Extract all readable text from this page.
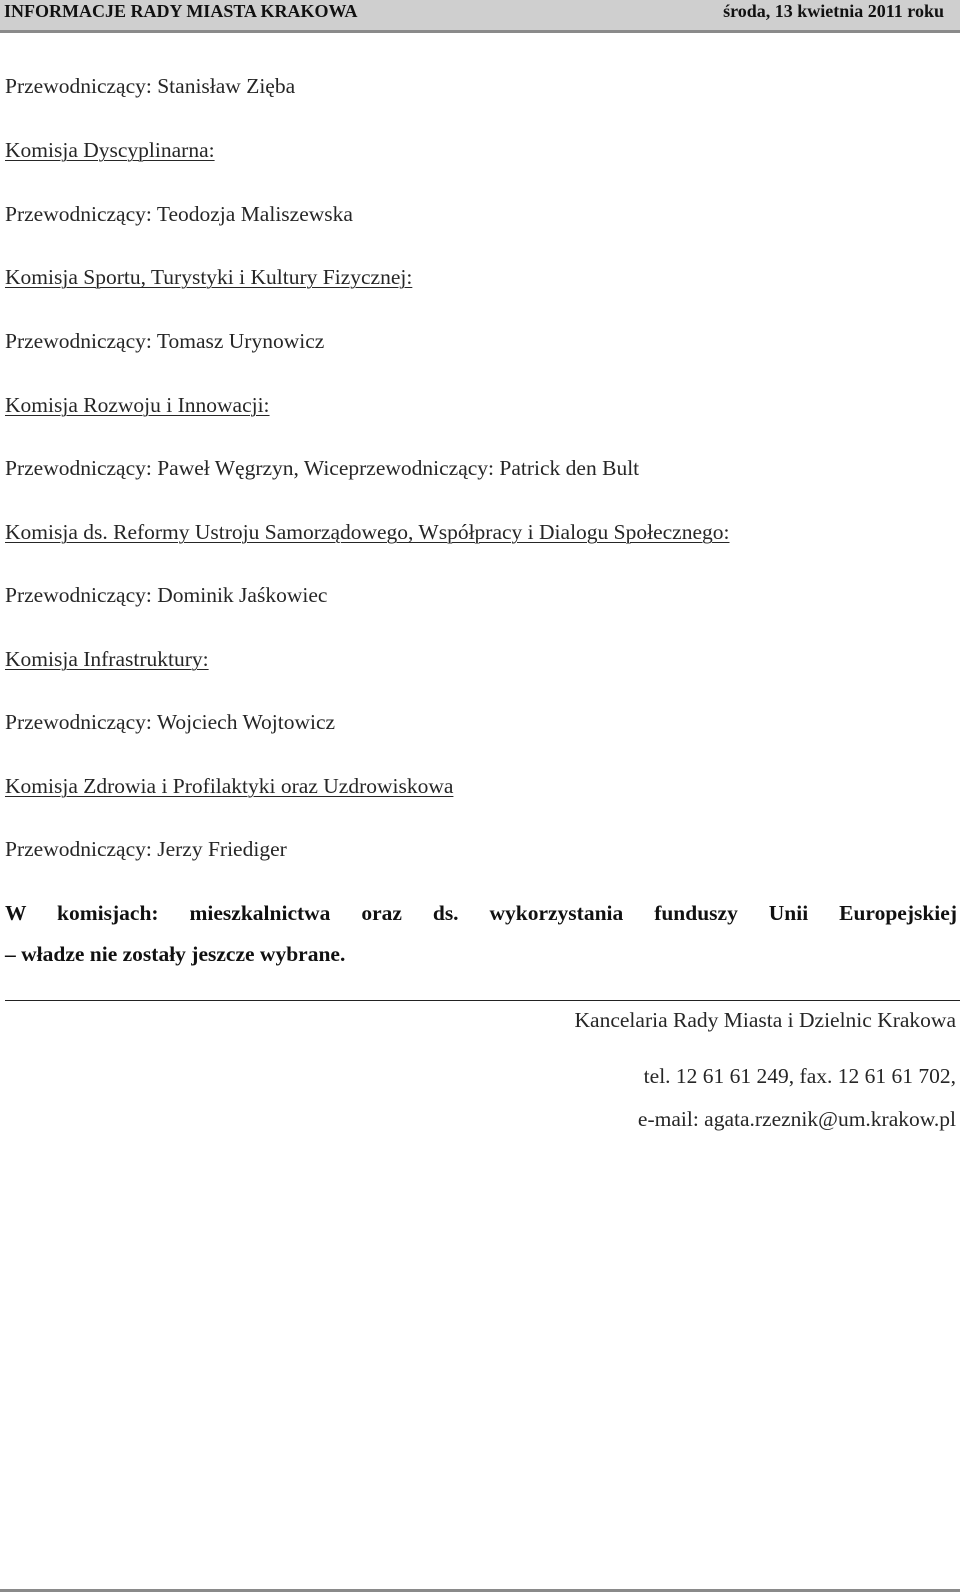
INFORMACJE RADY MIASTA KRAKOWA	środa, 13 kwietnia 2011 roku
Przewodniczący: Stanisław Zięba
Komisja Dyscyplinarna:
Przewodniczący: Teodozja Maliszewska
Komisja Sportu, Turystyki i Kultury Fizycznej:
Przewodniczący: Tomasz Urynowicz
Komisja Rozwoju i Innowacji:
Przewodniczący: Paweł Węgrzyn, Wiceprzewodniczący: Patrick den Bult
Komisja ds. Reformy Ustroju Samorządowego, Współpracy i Dialogu Społecznego:
Przewodniczący: Dominik Jaśkowiec
Komisja Infrastruktury:
Przewodniczący: Wojciech Wojtowicz
Komisja Zdrowia i Profilaktyki oraz Uzdrowiskowa
Przewodniczący: Jerzy Friediger
W komisjach: mieszkalnictwa oraz ds. wykorzystania funduszy Unii Europejskiej
– władze nie zostały jeszcze wybrane.
Kancelaria Rady Miasta i Dzielnic Krakowa
tel. 12 61 61 249, fax. 12 61 61 702,
e-mail: agata.rzeznik@um.krakow.pl
